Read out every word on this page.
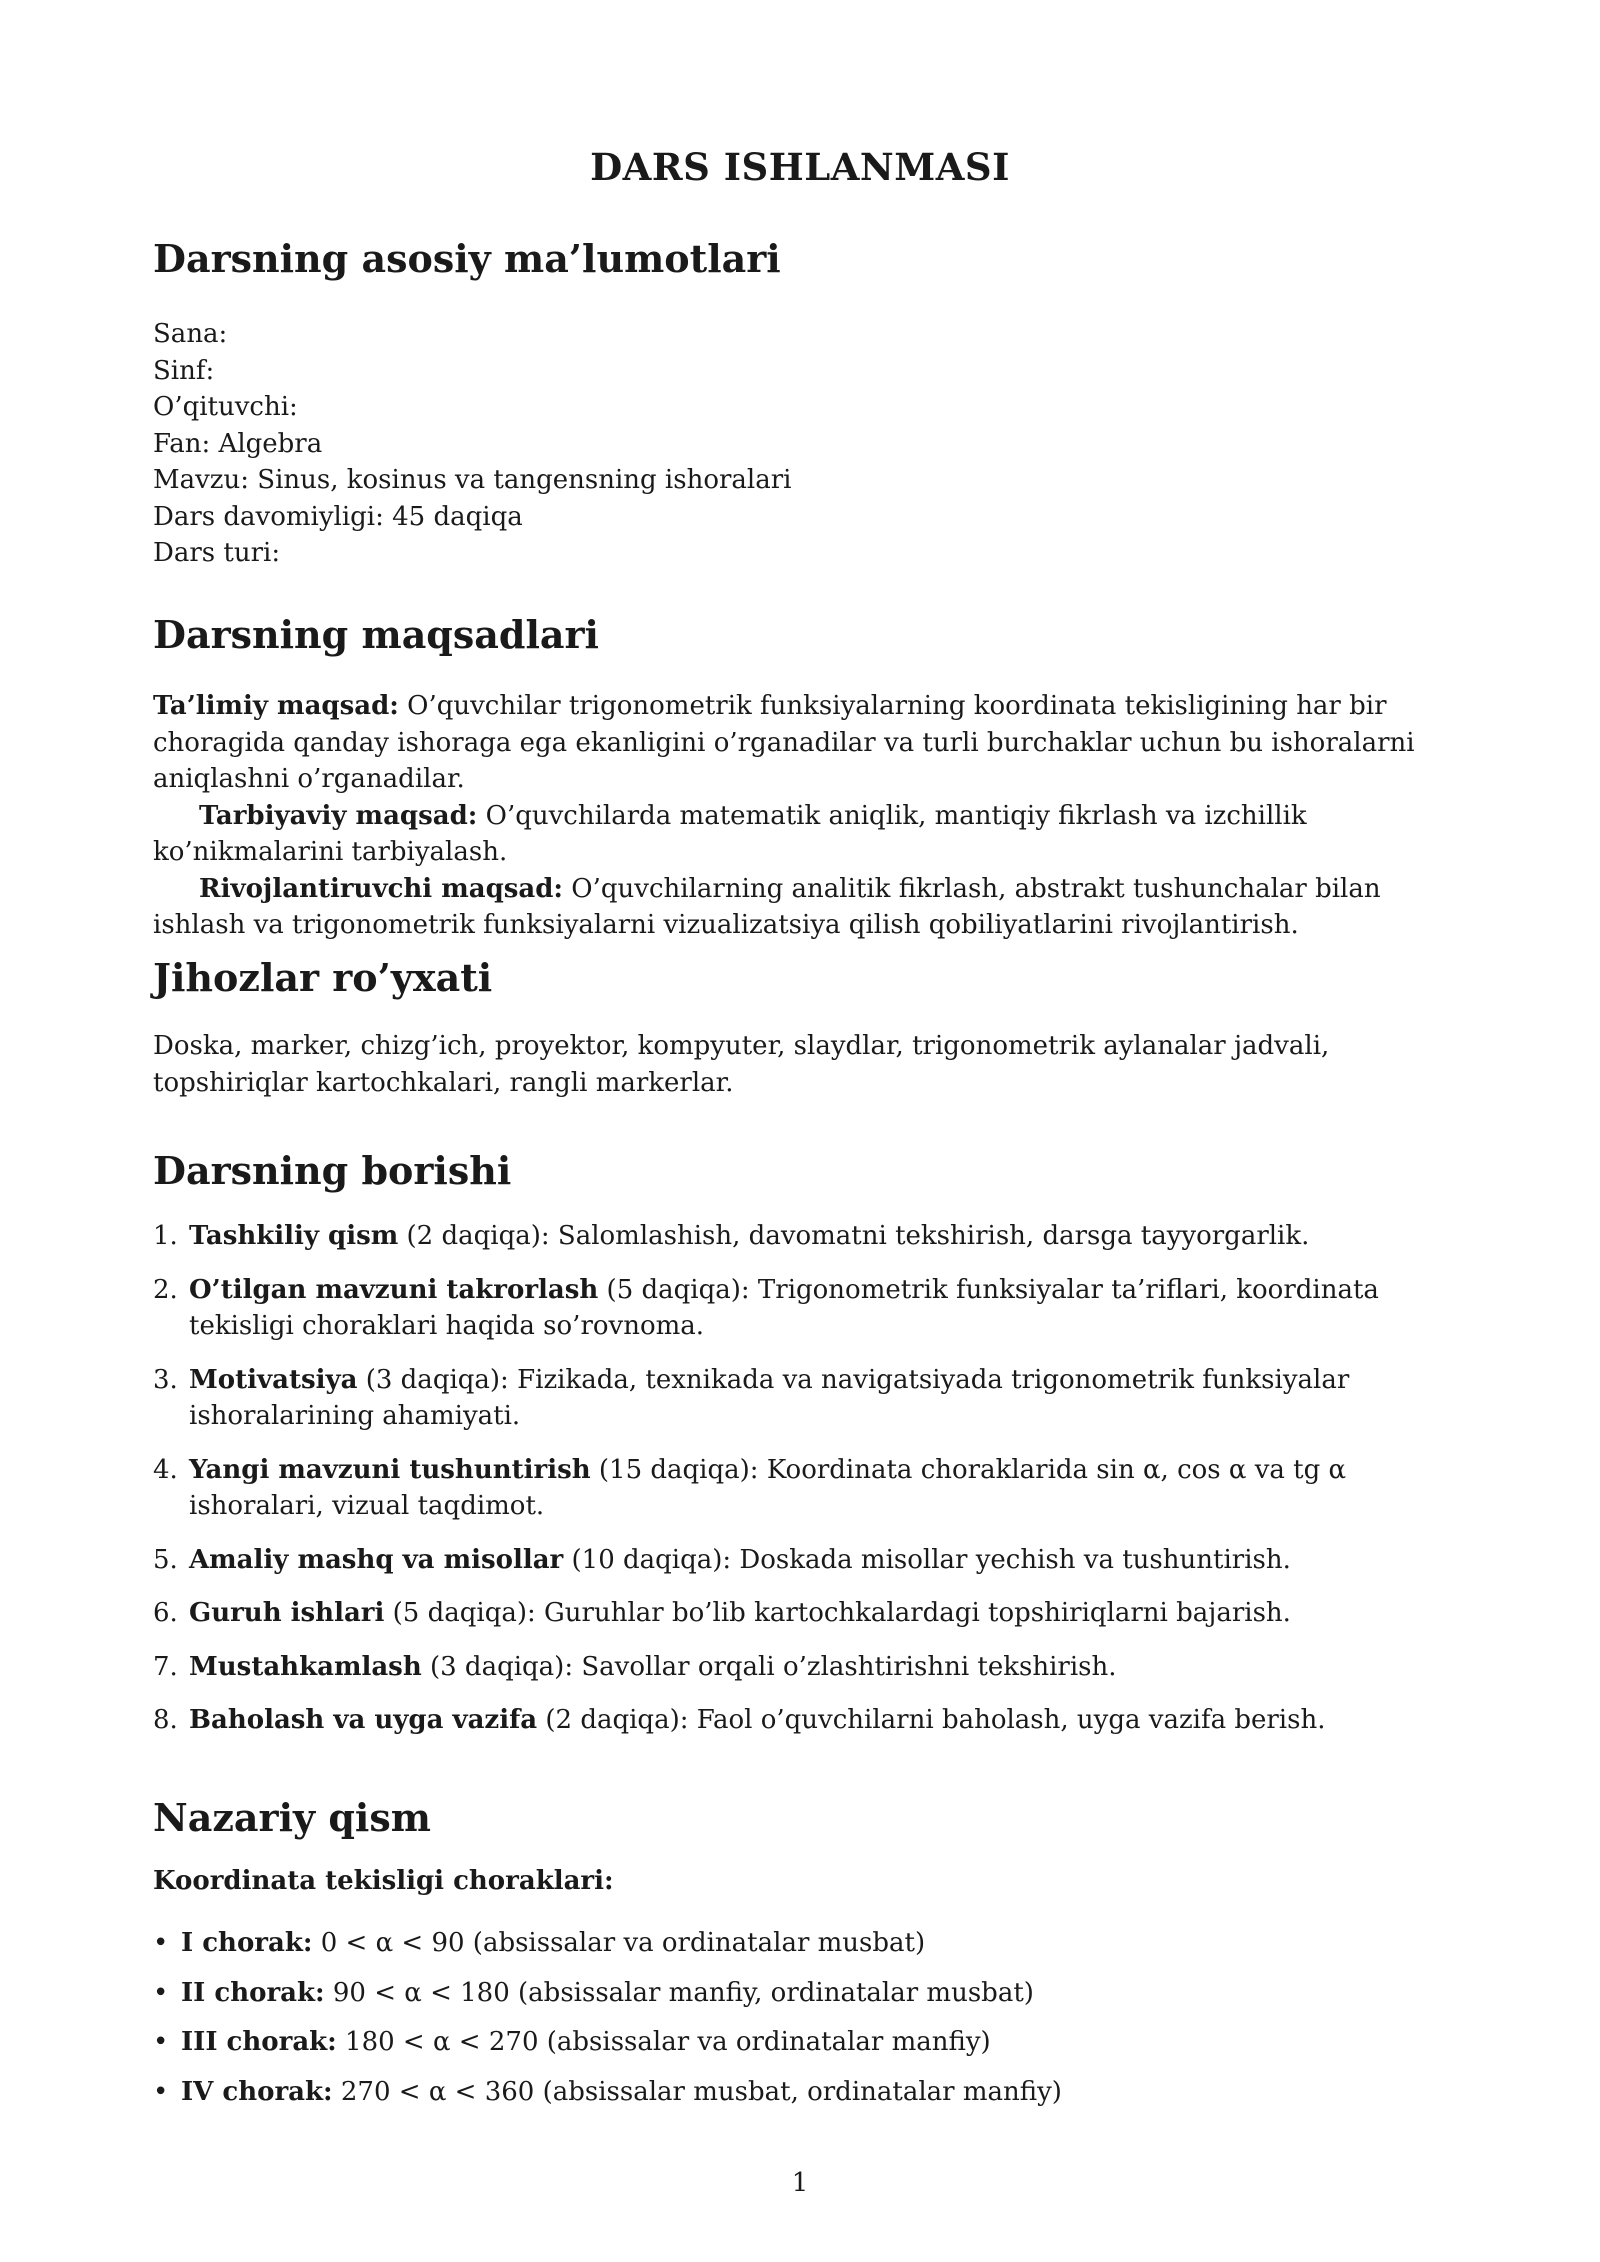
DARS ISHLANMASI
Darsning asosiy ma’lumotlari
Sana:
Sinf:
O’qituvchi:
Fan: Algebra
Mavzu: Sinus, kosinus va tangensning ishoralari
Dars davomiyligi: 45 daqiqa
Dars turi:
Darsning maqsadlari

Ta’limiy maqsad: O’quvchilar trigonometrik funksiyalarning koordinata tekisligining har bir choragida qanday ishoraga ega ekanligini o’rganadilar va turli burchaklar uchun bu ishoralarni aniqlashni o’rganadilar.

Tarbiyaviy maqsad: O’quvchilarda matematik aniqlik, mantiqiy fikrlash va izchillik ko’nikmalarini tarbiyalash.

Rivojlantiruvchi maqsad: O’quvchilarning analitik fikrlash, abstrakt tushunchalar bilan ishlash va trigonometrik funksiyalarni vizualizatsiya qilish qobiliyatlarini rivojlantirish.

Jihozlar ro’yxati

Doska, marker, chizg’ich, proyektor, kompyuter, slaydlar, trigonometrik aylanalar jadvali, topshiriqlar kartochkalari, rangli markerlar.

Darsning borishi
1. Tashkiliy qism (2 daqiqa): Salomlashish, davomatni tekshirish, darsga tayyorgarlik.
2. O’tilgan mavzuni takrorlash (5 daqiqa): Trigonometrik funksiyalar ta’riflari, koordinata tekisligi choraklari haqida so’rovnoma.
3. Motivatsiya (3 daqiqa): Fizikada, texnikada va navigatsiyada trigonometrik funksiyalar ishoralarining ahamiyati.
4. Yangi mavzuni tushuntirish (15 daqiqa): Koordinata choraklarida sin α, cos α va tg α ishoralari, vizual taqdimot.
5. Amaliy mashq va misollar (10 daqiqa): Doskada misollar yechish va tushuntirish.
6. Guruh ishlari (5 daqiqa): Guruhlar bo’lib kartochkalardagi topshiriqlarni bajarish.
7. Mustahkamlash (3 daqiqa): Savollar orqali o’zlashtirishni tekshirish.
8. Baholash va uyga vazifa (2 daqiqa): Faol o’quvchilarni baholash, uyga vazifa berish.
Nazariy qism
Koordinata tekisligi choraklari:
• I chorak: 0 < α < 90 (absissalar va ordinatalar musbat)
• II chorak: 90 < α < 180 (absissalar manfiy, ordinatalar musbat)
• III chorak: 180 < α < 270 (absissalar va ordinatalar manfiy)
• IV chorak: 270 < α < 360 (absissalar musbat, ordinatalar manfiy)
1
